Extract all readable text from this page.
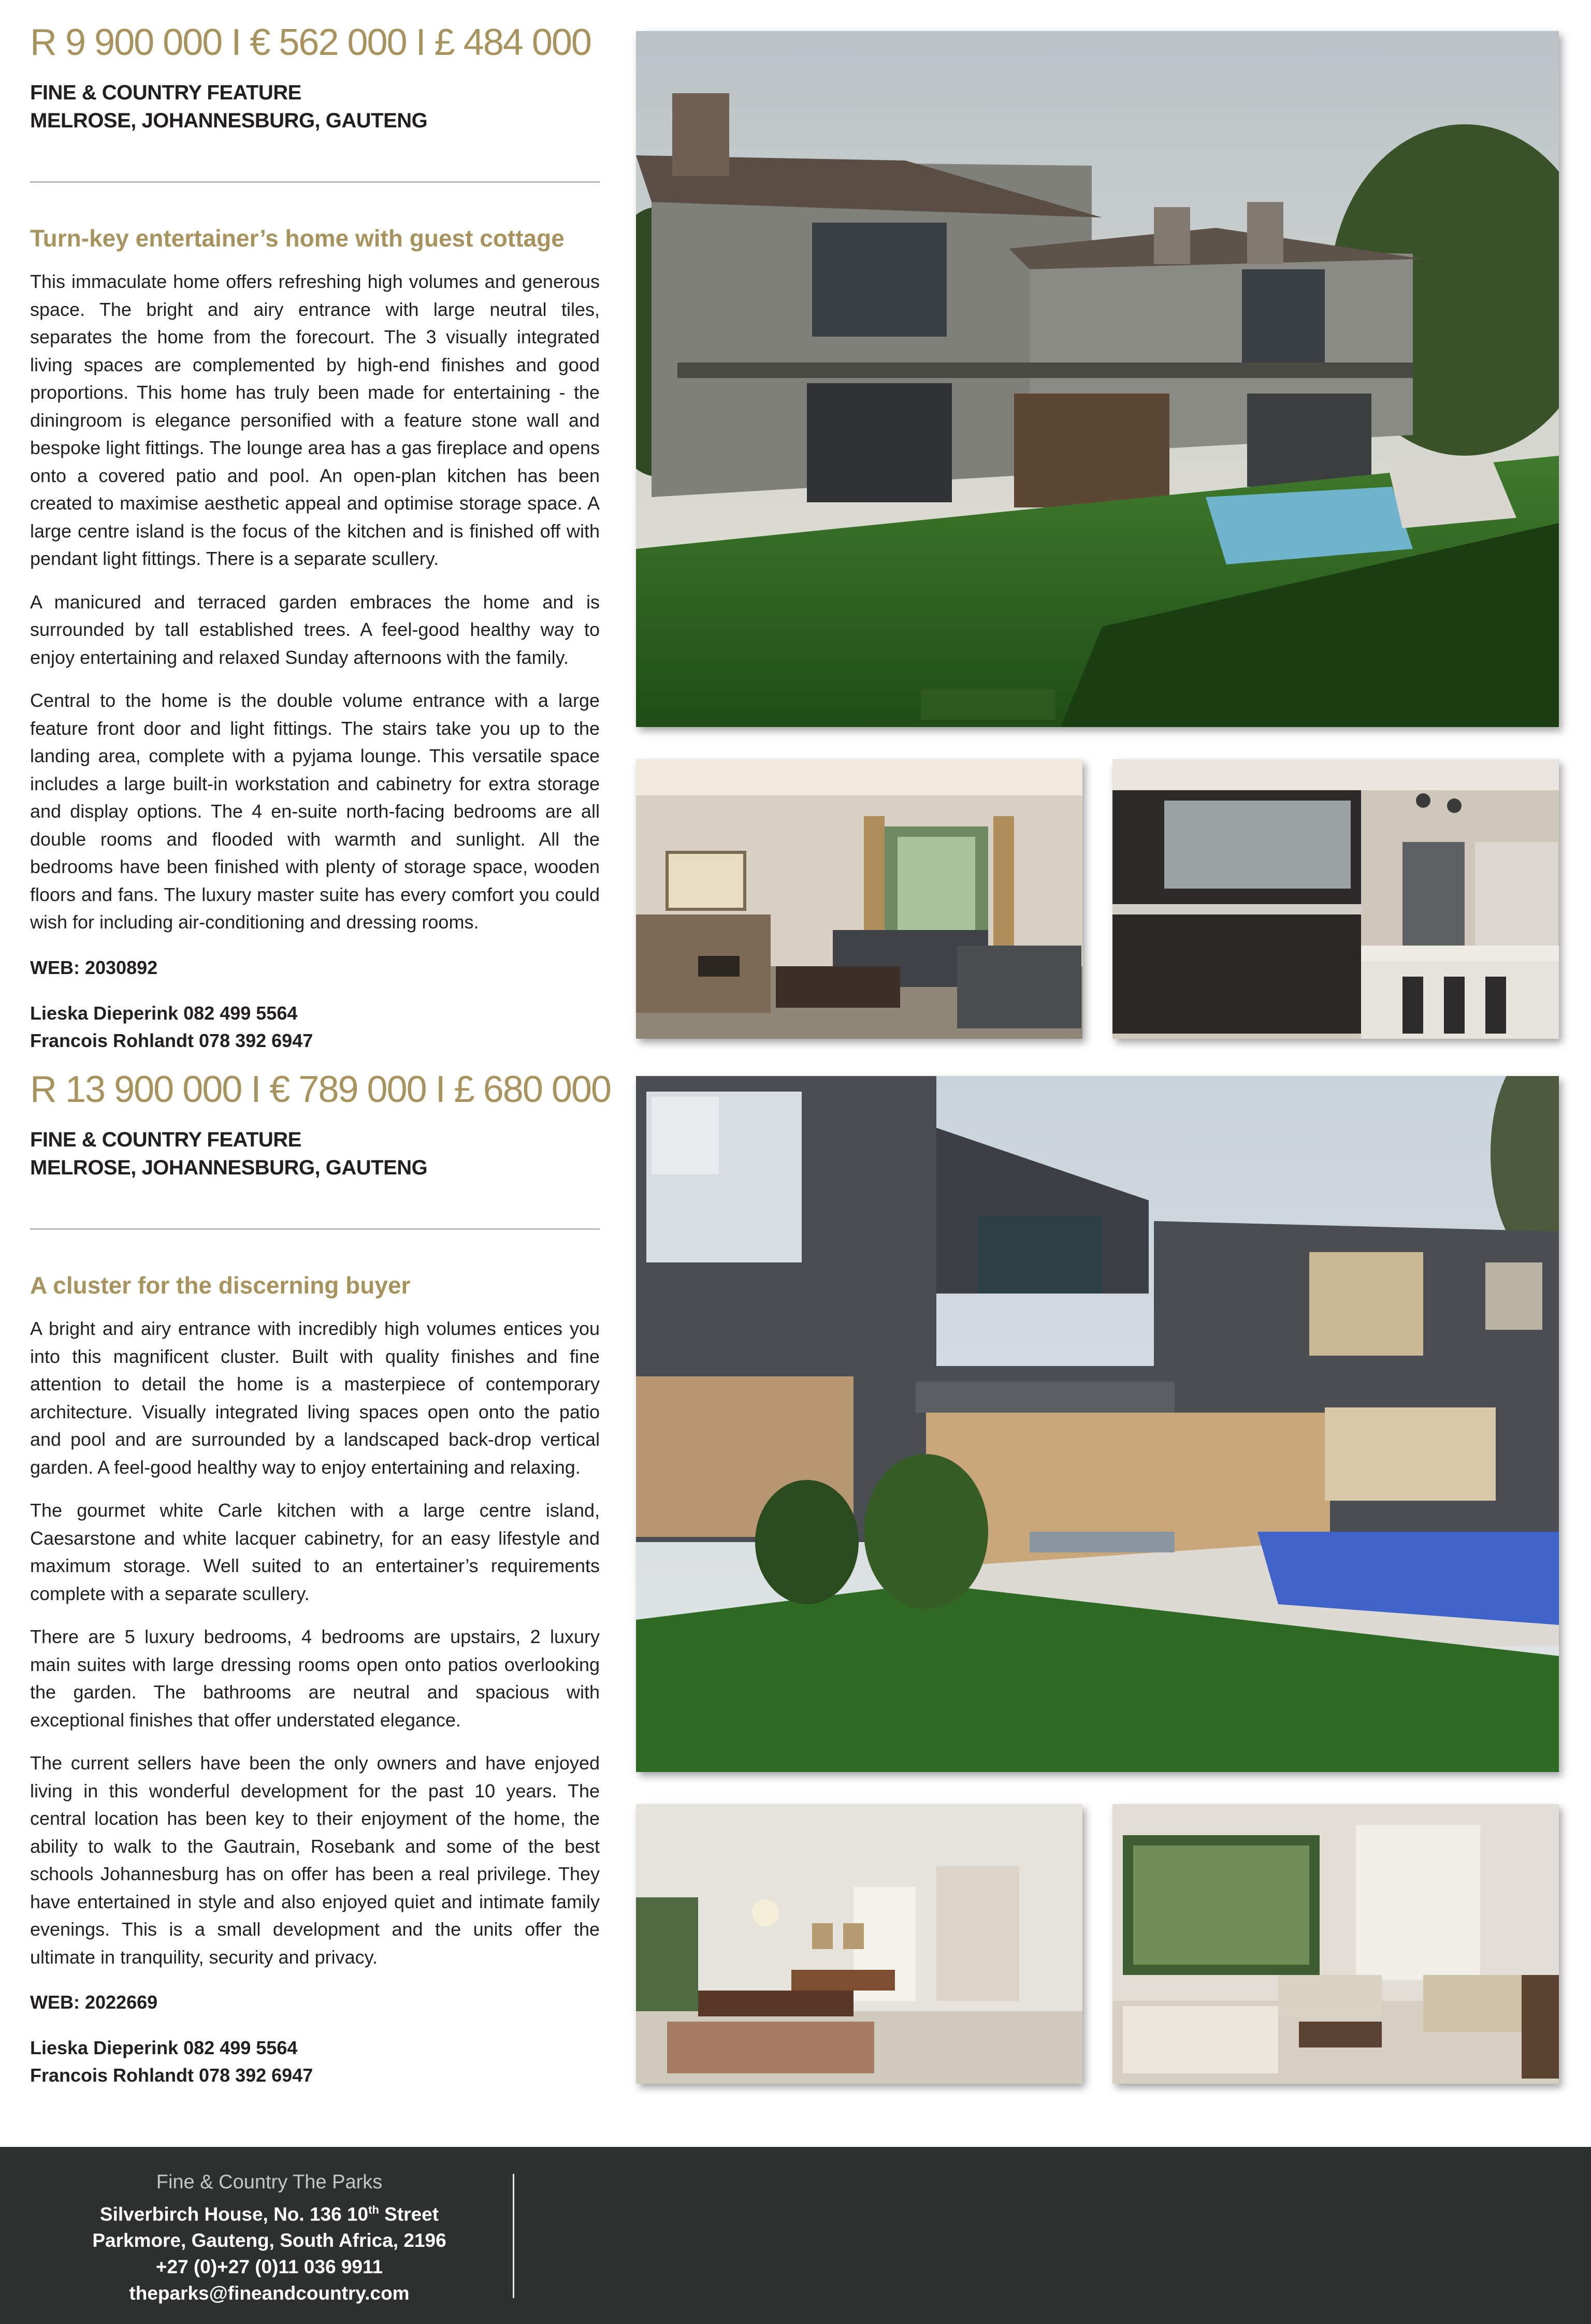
R 9 900 000 I € 562 000 I £ 484 000

FINE & COUNTRY FEATURE

MELROSE, JOHANNESBURG, GAUTENG

Turn-key entertainer’s home with guest cottage

This immaculate home offers refreshing high volumes and generous space. The bright and airy entrance with large neutral tiles, separates the home from the forecourt. The 3 visually integrated living spaces are complemented by high-end finishes and good proportions. This home has truly been made for entertaining - the diningroom is elegance personified with a feature stone wall and bespoke light fittings. The lounge area has a gas fireplace and opens onto a covered patio and pool. An open-plan kitchen has been created to maximise aesthetic appeal and optimise storage space. A large centre island is the focus of the kitchen and is finished off with pendant light fittings. There is a separate scullery.

A manicured and terraced garden embraces the home and is surrounded by tall established trees. A feel-good healthy way to enjoy entertaining and relaxed Sunday afternoons with the family.

Central to the home is the double volume entrance with a large feature front door and light fittings. The stairs take you up to the landing area, complete with a pyjama lounge. This versatile space includes a large built-in workstation and cabinetry for extra storage and display options. The 4 en-suite north-facing bedrooms are all double rooms and flooded with warmth and sunlight. All the bedrooms have been finished with plenty of storage space, wooden floors and fans. The luxury master suite has every comfort you could wish for including air-conditioning and dressing rooms.

WEB: 2030892

Lieska Dieperink 082 499 5564

Francois Rohlandt 078 392 6947

R 13 900 000 I € 789 000 I £ 680 000

FINE & COUNTRY FEATURE

MELROSE, JOHANNESBURG, GAUTENG

A cluster for the discerning buyer

A bright and airy entrance with incredibly high volumes entices you into this magnificent cluster. Built with quality finishes and fine attention to detail the home is a masterpiece of contemporary architecture. Visually integrated living spaces open onto the patio and pool and are surrounded by a landscaped back-drop vertical garden. A feel-good healthy way to enjoy entertaining and relaxing.

The gourmet white Carle kitchen with a large centre island, Caesarstone and white lacquer cabinetry, for an easy lifestyle and maximum storage. Well suited to an entertainer’s requirements complete with a separate scullery.

There are 5 luxury bedrooms, 4 bedrooms are upstairs, 2 luxury main suites with large dressing rooms open onto patios overlooking the garden. The bathrooms are neutral and spacious with exceptional finishes that offer understated elegance.

The current sellers have been the only owners and have enjoyed living in this wonderful development for the past 10 years. The central location has been key to their enjoyment of the home, the ability to walk to the Gautrain, Rosebank and some of the best schools Johannesburg has on offer has been a real privilege. They have entertained in style and also enjoyed quiet and intimate family evenings. This is a small development and the units offer the ultimate in tranquility, security and privacy.

WEB: 2022669

Lieska Dieperink 082 499 5564

Francois Rohlandt 078 392 6947

Fine & Country The Parks

Silverbirch House, No. 136 10th Street

Parkmore, Gauteng, South Africa, 2196

+27 (0)+27 (0)11 036 9911

theparks@fineandcountry.com
